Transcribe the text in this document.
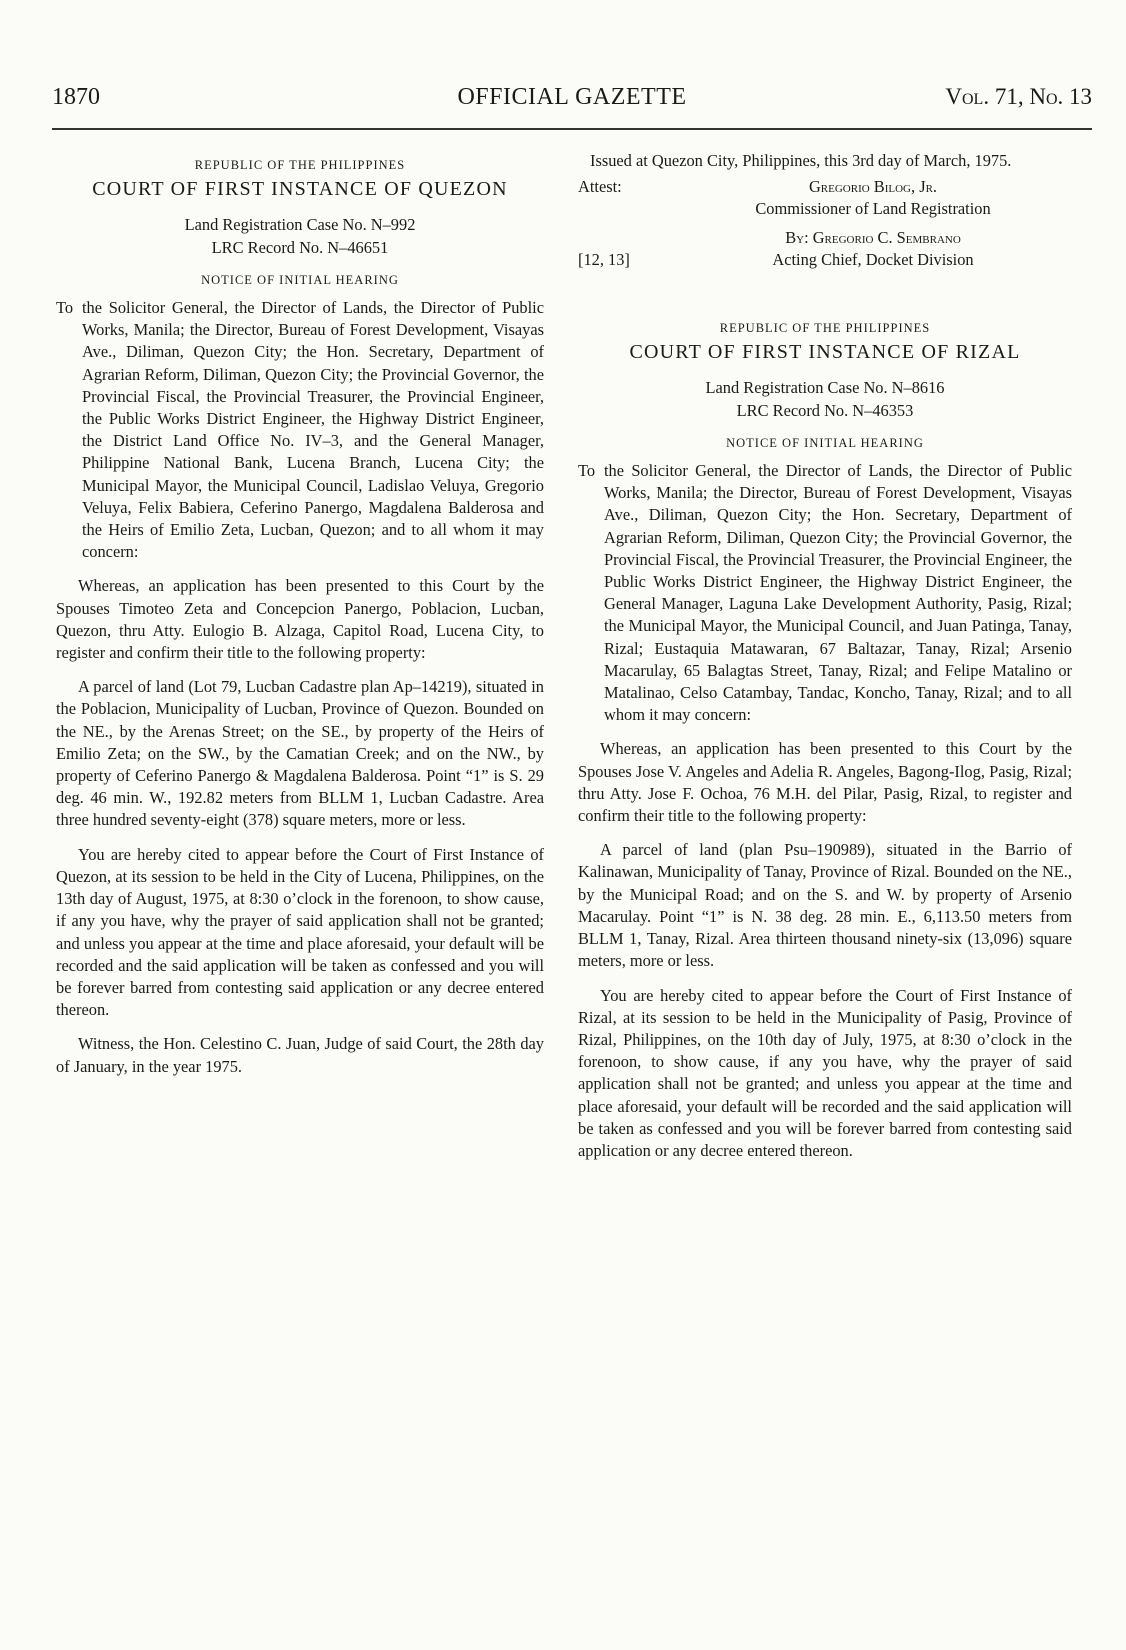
1870	OFFICIAL GAZETTE	Vol. 71, No. 13
REPUBLIC OF THE PHILIPPINES
COURT OF FIRST INSTANCE OF QUEZON
Land Registration Case No. N–992
LRC Record No. N–46651
NOTICE OF INITIAL HEARING
To the Solicitor General, the Director of Lands, the Director of Public Works, Manila; the Director, Bureau of Forest Development, Visayas Ave., Diliman, Quezon City; the Hon. Secretary, Department of Agrarian Reform, Diliman, Quezon City; the Provincial Governor, the Provincial Fiscal, the Provincial Treasurer, the Provincial Engineer, the Public Works District Engineer, the Highway District Engineer, the District Land Office No. IV–3, and the General Manager, Philippine National Bank, Lucena Branch, Lucena City; the Municipal Mayor, the Municipal Council, Ladislao Veluya, Gregorio Veluya, Felix Babiera, Ceferino Panergo, Magdalena Balderosa and the Heirs of Emilio Zeta, Lucban, Quezon; and to all whom it may concern:

Whereas, an application has been presented to this Court by the Spouses Timoteo Zeta and Concepcion Panergo, Poblacion, Lucban, Quezon, thru Atty. Eulogio B. Alzaga, Capitol Road, Lucena City, to register and confirm their title to the following property:

A parcel of land (Lot 79, Lucban Cadastre plan Ap–14219), situated in the Poblacion, Municipality of Lucban, Province of Quezon. Bounded on the NE., by the Arenas Street; on the SE., by property of the Heirs of Emilio Zeta; on the SW., by the Camatian Creek; and on the NW., by property of Ceferino Panergo & Magdalena Balderosa. Point “1” is S. 29 deg. 46 min. W., 192.82 meters from BLLM 1, Lucban Cadastre. Area three hundred seventy-eight (378) square meters, more or less.

You are hereby cited to appear before the Court of First Instance of Quezon, at its session to be held in the City of Lucena, Philippines, on the 13th day of August, 1975, at 8:30 o’clock in the forenoon, to show cause, if any you have, why the prayer of said application shall not be granted; and unless you appear at the time and place aforesaid, your default will be recorded and the said application will be taken as confessed and you will be forever barred from contesting said application or any decree entered thereon.

Witness, the Hon. Celestino C. Juan, Judge of said Court, the 28th day of January, in the year 1975.

Issued at Quezon City, Philippines, this 3rd day of March, 1975.
Attest:	Gregorio Bilog, Jr.
Commissioner of Land Registration
[12, 13]
By: Gregorio C. Sembrano
Acting Chief, Docket Division
REPUBLIC OF THE PHILIPPINES
COURT OF FIRST INSTANCE OF RIZAL
Land Registration Case No. N–8616
LRC Record No. N–46353
NOTICE OF INITIAL HEARING
To the Solicitor General, the Director of Lands, the Director of Public Works, Manila; the Director, Bureau of Forest Development, Visayas Ave., Diliman, Quezon City; the Hon. Secretary, Department of Agrarian Reform, Diliman, Quezon City; the Provincial Governor, the Provincial Fiscal, the Provincial Treasurer, the Provincial Engineer, the Public Works District Engineer, the Highway District Engineer, the General Manager, Laguna Lake Development Authority, Pasig, Rizal; the Municipal Mayor, the Municipal Council, and Juan Patinga, Tanay, Rizal; Eustaquia Matawaran, 67 Baltazar, Tanay, Rizal; Arsenio Macarulay, 65 Balagtas Street, Tanay, Rizal; and Felipe Matalino or Matalinao, Celso Catambay, Tandac, Koncho, Tanay, Rizal; and to all whom it may concern:

Whereas, an application has been presented to this Court by the Spouses Jose V. Angeles and Adelia R. Angeles, Bagong-Ilog, Pasig, Rizal; thru Atty. Jose F. Ochoa, 76 M.H. del Pilar, Pasig, Rizal, to register and confirm their title to the following property:

A parcel of land (plan Psu–190989), situated in the Barrio of Kalinawan, Municipality of Tanay, Province of Rizal. Bounded on the NE., by the Municipal Road; and on the S. and W. by property of Arsenio Macarulay. Point “1” is N. 38 deg. 28 min. E., 6,113.50 meters from BLLM 1, Tanay, Rizal. Area thirteen thousand ninety-six (13,096) square meters, more or less.

You are hereby cited to appear before the Court of First Instance of Rizal, at its session to be held in the Municipality of Pasig, Province of Rizal, Philippines, on the 10th day of July, 1975, at 8:30 o’clock in the forenoon, to show cause, if any you have, why the prayer of said application shall not be granted; and unless you appear at the time and place aforesaid, your default will be recorded and the said application will be taken as confessed and you will be forever barred from contesting said application or any decree entered thereon.
